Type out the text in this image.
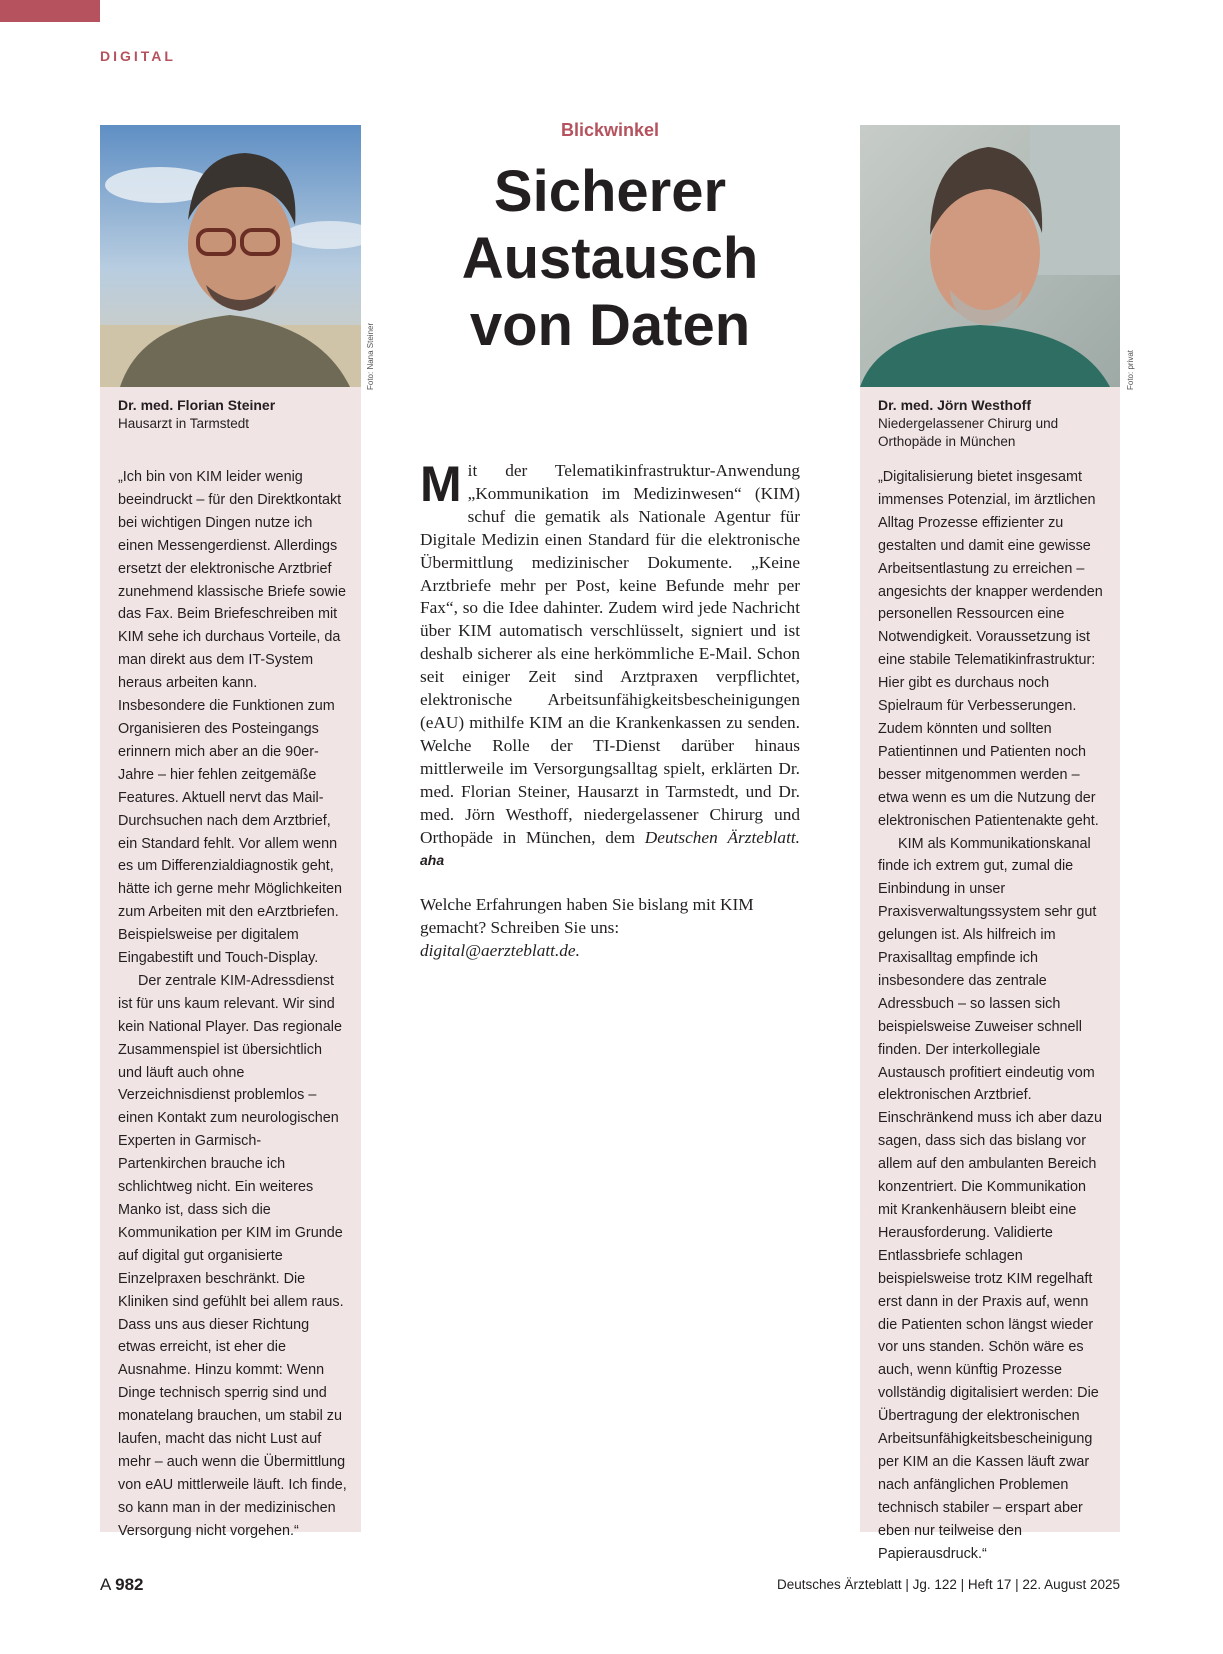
DIGITAL
Dr. med. Florian Steiner
Hausarzt in Tarmstedt

„Ich bin von KIM leider wenig beeindruckt – für den Direktkontakt bei wichtigen Dingen nutze ich einen Messengerdienst. Allerdings ersetzt der elektronische Arztbrief zunehmend klassische Briefe sowie das Fax. Beim Briefeschreiben mit KIM sehe ich durchaus Vorteile, da man direkt aus dem IT-System heraus arbeiten kann. Insbesondere die Funktionen zum Organisieren des Posteingangs erinnern mich aber an die 90er-Jahre – hier fehlen zeitgemäße Features. Aktuell nervt das Mail-Durchsuchen nach dem Arztbrief, ein Standard fehlt. Vor allem wenn es um Differenzialdiagnostik geht, hätte ich gerne mehr Möglichkeiten zum Arbeiten mit den eArztbriefen. Beispielsweise per digitalem Eingabestift und Touch-Display.

Der zentrale KIM-Adressdienst ist für uns kaum relevant. Wir sind kein National Player. Das regionale Zusammenspiel ist übersichtlich und läuft auch ohne Verzeichnisdienst problemlos – einen Kontakt zum neurologischen Experten in Garmisch-Partenkirchen brauche ich schlichtweg nicht. Ein weiteres Manko ist, dass sich die Kommunikation per KIM im Grunde auf digital gut organisierte Einzelpraxen beschränkt. Die Kliniken sind gefühlt bei allem raus. Dass uns aus dieser Richtung etwas erreicht, ist eher die Ausnahme. Hinzu kommt: Wenn Dinge technisch sperrig sind und monatelang brauchen, um stabil zu laufen, macht das nicht Lust auf mehr – auch wenn die Übermittlung von eAU mittlerweile läuft. Ich finde, so kann man in der medizinischen Versorgung nicht vorgehen.“

Foto: Nana Steiner
Blickwinkel
Sicherer
Austausch
von Daten

Mit der Telematikinfrastruktur-Anwendung „Kommunikation im Medizinwesen“ (KIM) schuf die gematik als Nationale Agentur für Digitale Medizin einen Standard für die elektronische Übermittlung medizinischer Dokumente. „Keine Arztbriefe mehr per Post, keine Befunde mehr per Fax“, so die Idee dahinter. Zudem wird jede Nachricht über KIM automatisch verschlüsselt, signiert und ist deshalb sicherer als eine herkömmliche E-Mail. Schon seit einiger Zeit sind Arztpraxen verpflichtet, elektronische Arbeitsunfähigkeitsbescheinigungen (eAU) mithilfe KIM an die Krankenkassen zu senden. Welche Rolle der TI-Dienst darüber hinaus mittlerweile im Versorgungsalltag spielt, erklärten Dr. med. Florian Steiner, Hausarzt in Tarmstedt, und Dr. med. Jörn Westhoff, niedergelassener Chirurg und Orthopäde in München, dem Deutschen Ärzteblatt. aha

Welche Erfahrungen haben Sie bislang mit KIM gemacht? Schreiben Sie uns:
digital@aerzteblatt.de.

Dr. med. Jörn Westhoff
Niedergelassener Chirurg und Orthopäde in München

„Digitalisierung bietet insgesamt immenses Potenzial, im ärztlichen Alltag Prozesse effizienter zu gestalten und damit eine gewisse Arbeitsentlastung zu erreichen – angesichts der knapper werdenden personellen Ressourcen eine Notwendigkeit. Voraussetzung ist eine stabile Telematikinfrastruktur: Hier gibt es durchaus noch Spielraum für Verbesserungen. Zudem könnten und sollten Patientinnen und Patienten noch besser mitgenommen werden – etwa wenn es um die Nutzung der elektronischen Patientenakte geht.

KIM als Kommunikationskanal finde ich extrem gut, zumal die Einbindung in unser Praxisverwaltungssystem sehr gut gelungen ist. Als hilfreich im Praxisalltag empfinde ich insbesondere das zentrale Adressbuch – so lassen sich beispielsweise Zuweiser schnell finden. Der interkollegiale Austausch profitiert eindeutig vom elektronischen Arztbrief. Einschränkend muss ich aber dazu sagen, dass sich das bislang vor allem auf den ambulanten Bereich konzentriert. Die Kommunikation mit Krankenhäusern bleibt eine Herausforderung. Validierte Entlassbriefe schlagen beispielsweise trotz KIM regelhaft erst dann in der Praxis auf, wenn die Patienten schon längst wieder vor uns standen. Schön wäre es auch, wenn künftig Prozesse vollständig digitalisiert werden: Die Übertragung der elektronischen Arbeitsunfähigkeitsbescheinigung per KIM an die Kassen läuft zwar nach anfänglichen Problemen technisch stabiler – erspart aber eben nur teilweise den Papierausdruck.“

Foto: privat
A 982	Deutsches Ärzteblatt | Jg. 122 | Heft 17 | 22. August 2025
